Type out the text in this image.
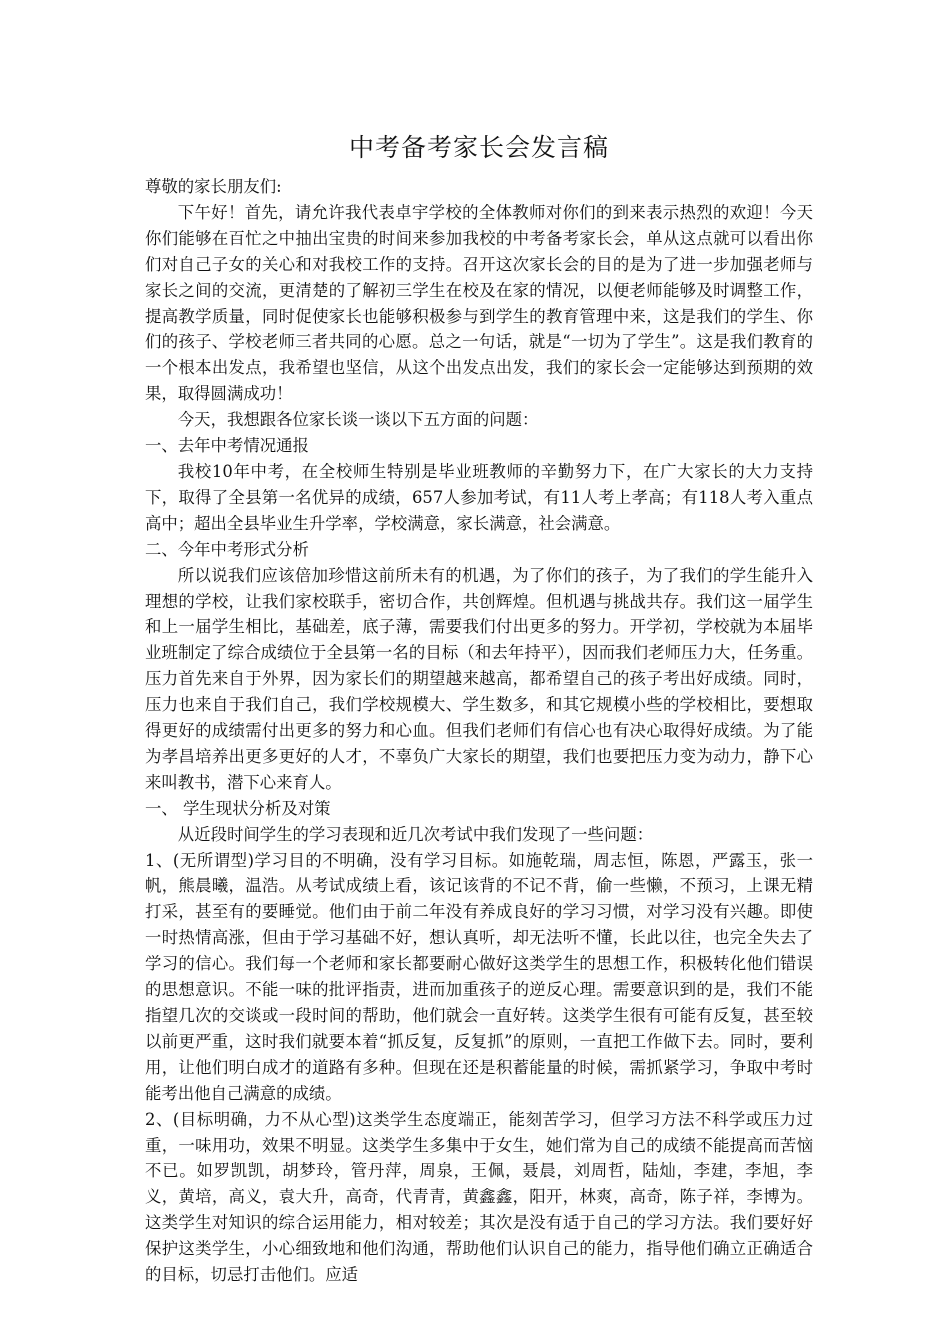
中考备考家长会发言稿

尊敬的家长朋友们:

下午好！首先，请允许我代表卓宇学校的全体教师对你们的到来表示热烈的欢迎！今天你们能够在百忙之中抽出宝贵的时间来参加我校的中考备考家长会，单从这点就可以看出你们对自己子女的关心和对我校工作的支持。召开这次家长会的目的是为了进一步加强老师与家长之间的交流，更清楚的了解初三学生在校及在家的情况，以便老师能够及时调整工作，提高教学质量，同时促使家长也能够积极参与到学生的教育管理中来，这是我们的学生、你们的孩子、学校老师三者共同的心愿。总之一句话，就是“一切为了学生”。这是我们教育的一个根本出发点，我希望也坚信，从这个出发点出发，我们的家长会一定能够达到预期的效果，取得圆满成功！

今天，我想跟各位家长谈一谈以下五方面的问题：

一、去年中考情况通报

我校10年中考，在全校师生特别是毕业班教师的辛勤努力下，在广大家长的大力支持下，取得了全县第一名优异的成绩，657人参加考试，有11人考上孝高；有118人考入重点高中；超出全县毕业生升学率，学校满意，家长满意，社会满意。

二、今年中考形式分析

所以说我们应该倍加珍惜这前所未有的机遇，为了你们的孩子，为了我们的学生能升入理想的学校，让我们家校联手，密切合作，共创辉煌。但机遇与挑战共存。我们这一届学生和上一届学生相比，基础差，底子薄，需要我们付出更多的努力。开学初，学校就为本届毕业班制定了综合成绩位于全县第一名的目标（和去年持平），因而我们老师压力大，任务重。压力首先来自于外界，因为家长们的期望越来越高，都希望自己的孩子考出好成绩。同时，压力也来自于我们自己，我们学校规模大、学生数多，和其它规模小些的学校相比，要想取得更好的成绩需付出更多的努力和心血。但我们老师们有信心也有决心取得好成绩。为了能为孝昌培养出更多更好的人才，不辜负广大家长的期望，我们也要把压力变为动力，静下心来叫教书，潜下心来育人。

一、 学生现状分析及对策

从近段时间学生的学习表现和近几次考试中我们发现了一些问题：

1、(无所谓型)学习目的不明确，没有学习目标。如施乾瑞，周志恒，陈恩，严露玉，张一帆，熊晨曦，温浩。从考试成绩上看，该记该背的不记不背，偷一些懒，不预习，上课无精打采，甚至有的要睡觉。他们由于前二年没有养成良好的学习习惯，对学习没有兴趣。即使一时热情高涨，但由于学习基础不好，想认真听，却无法听不懂，长此以往，也完全失去了学习的信心。我们每一个老师和家长都要耐心做好这类学生的思想工作，积极转化他们错误的思想意识。不能一味的批评指责，进而加重孩子的逆反心理。需要意识到的是，我们不能指望几次的交谈或一段时间的帮助，他们就会一直好转。这类学生很有可能有反复，甚至较以前更严重，这时我们就要本着“抓反复，反复抓”的原则，一直把工作做下去。同时，要利用，让他们明白成才的道路有多种。但现在还是积蓄能量的时候，需抓紧学习，争取中考时能考出他自己满意的成绩。

2、(目标明确，力不从心型)这类学生态度端正，能刻苦学习，但学习方法不科学或压力过重，一味用功，效果不明显。这类学生多集中于女生，她们常为自己的成绩不能提高而苦恼不已。如罗凯凯，胡梦玲，管丹萍，周泉，王佩，聂晨，刘周哲，陆灿，李建，李旭，李义，黄培，高义，袁大升，高奇，代青青，黄鑫鑫，阳开，林爽，高奇，陈子祥，李博为。这类学生对知识的综合运用能力，相对较差；其次是没有适于自己的学习方法。我们要好好保护这类学生，小心细致地和他们沟通，帮助他们认识自己的能力，指导他们确立正确适合的目标，切忌打击他们。应适
